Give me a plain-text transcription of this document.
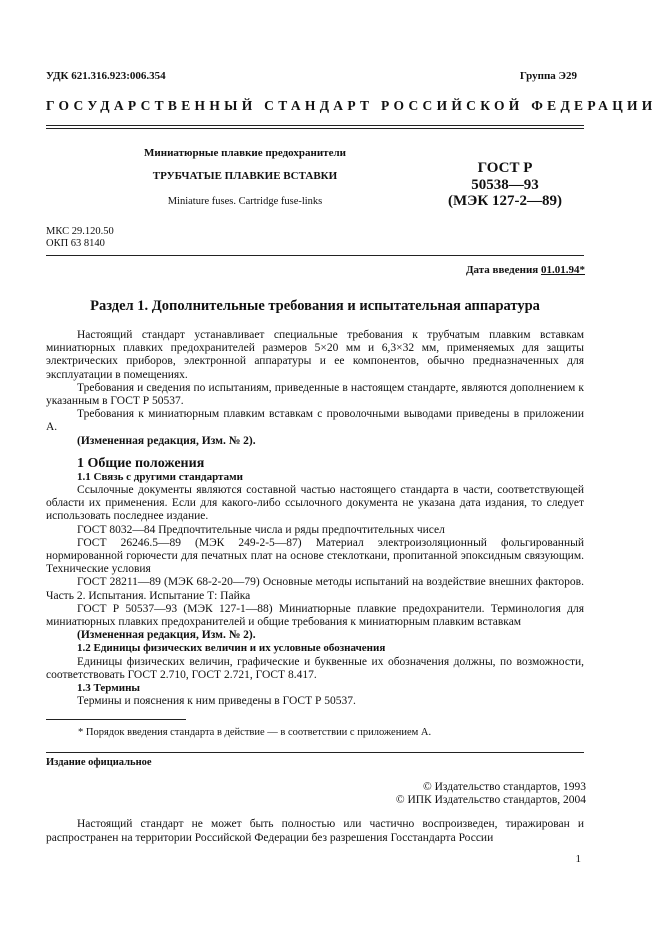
УДК 621.316.923:006.354	Группа Э29
ГОСУДАРСТВЕННЫЙ СТАНДАРТ РОССИЙСКОЙ ФЕДЕРАЦИИ
Миниатюрные плавкие предохранители
ТРУБЧАТЫЕ ПЛАВКИЕ ВСТАВКИ
Miniature fuses. Cartridge fuse-links
ГОСТ Р
50538—93
(МЭК 127-2—89)
МКС 29.120.50
ОКП 63 8140
Дата введения 01.01.94*
Раздел 1. Дополнительные требования и испытательная аппаратура

Настоящий стандарт устанавливает специальные требования к трубчатым плавким вставкам миниатюрных плавких предохранителей размеров 5×20 мм и 6,3×32 мм, применяемых для защиты электрических приборов, электронной аппаратуры и ее компонентов, обычно предназначенных для эксплуатации в помещениях.

Требования и сведения по испытаниям, приведенные в настоящем стандарте, являются дополнением к указанным в ГОСТ Р 50537.

Требования к миниатюрным плавким вставкам с проволочными выводами приведены в приложении А.

(Измененная редакция, Изм. № 2).

1 Общие положения

1.1 Связь с другими стандартами

Ссылочные документы являются составной частью настоящего стандарта в части, соответствующей области их применения. Если для какого-либо ссылочного документа не указана дата издания, то следует использовать последнее издание.

ГОСТ 8032—84 Предпочтительные числа и ряды предпочтительных чисел

ГОСТ 26246.5—89 (МЭК 249-2-5—87) Материал электроизоляционный фольгированный нормированной горючести для печатных плат на основе стеклоткани, пропитанной эпоксидным связующим. Технические условия

ГОСТ 28211—89 (МЭК 68-2-20—79) Основные методы испытаний на воздействие внешних факторов. Часть 2. Испытания. Испытание Т: Пайка

ГОСТ Р 50537—93 (МЭК 127-1—88) Миниатюрные плавкие предохранители. Терминология для миниатюрных плавких предохранителей и общие требования к миниатюрным плавким вставкам

(Измененная редакция, Изм. № 2).

1.2 Единицы физических величин и их условные обозначения

Единицы физических величин, графические и буквенные их обозначения должны, по возможности, соответствовать ГОСТ 2.710, ГОСТ 2.721, ГОСТ 8.417.

1.3 Термины

Термины и пояснения к ним приведены в ГОСТ Р 50537.

* Порядок введения стандарта в действие — в соответствии с приложением А.
Издание официальное
© Издательство стандартов, 1993
© ИПК Издательство стандартов, 2004

Настоящий стандарт не может быть полностью или частично воспроизведен, тиражирован и распространен на территории Российской Федерации без разрешения Госстандарта России

1
